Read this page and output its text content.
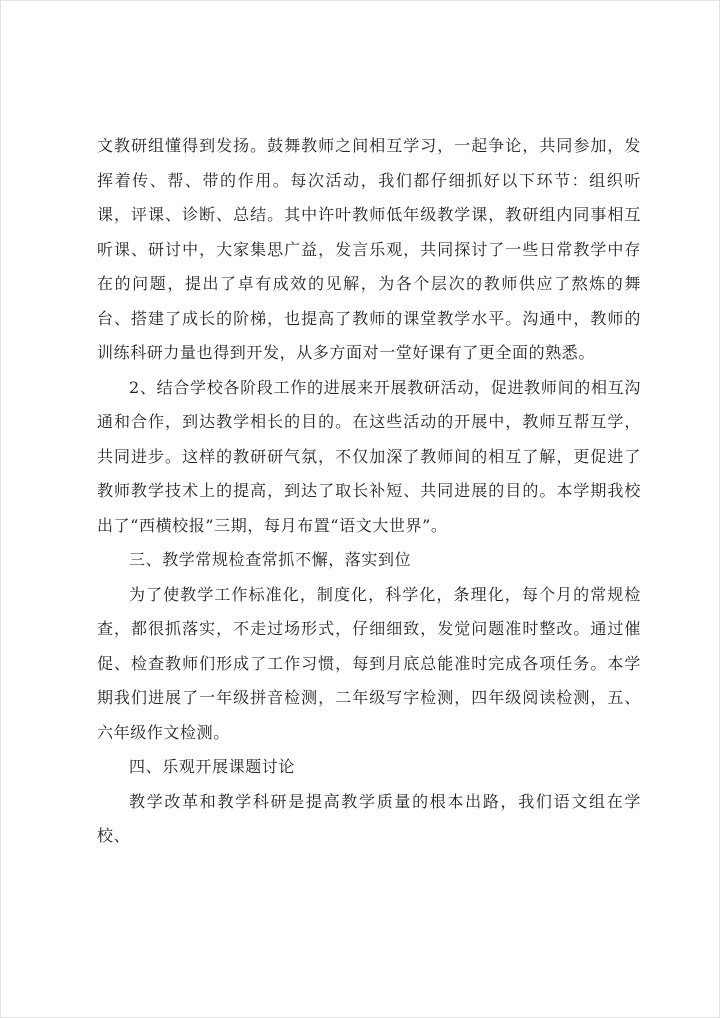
文教研组懂得到发扬。鼓舞教师之间相互学习，一起争论，共同参加，发挥着传、帮、带的作用。每次活动，我们都仔细抓好以下环节：组织听课，评课、诊断、总结。其中许叶教师低年级教学课，教研组内同事相互听课、研讨中，大家集思广益，发言乐观，共同探讨了一些日常教学中存在的问题，提出了卓有成效的见解，为各个层次的教师供应了熬炼的舞台、搭建了成长的阶梯，也提高了教师的课堂教学水平。沟通中，教师的训练科研力量也得到开发，从多方面对一堂好课有了更全面的熟悉。

2、结合学校各阶段工作的进展来开展教研活动，促进教师间的相互沟通和合作，到达教学相长的目的。在这些活动的开展中，教师互帮互学，共同进步。这样的教研研气氛，不仅加深了教师间的相互了解，更促进了教师教学技术上的提高，到达了取长补短、共同进展的目的。本学期我校出了“西横校报”三期，每月布置“语文大世界”。

三、教学常规检查常抓不懈，落实到位

为了使教学工作标准化，制度化，科学化，条理化，每个月的常规检查，都很抓落实，不走过场形式，仔细细致，发觉问题准时整改。通过催促、检查教师们形成了工作习惯，每到月底总能准时完成各项任务。本学期我们进展了一年级拼音检测，二年级写字检测，四年级阅读检测，五、六年级作文检测。

四、乐观开展课题讨论

教学改革和教学科研是提高教学质量的根本出路，我们语文组在学校、
